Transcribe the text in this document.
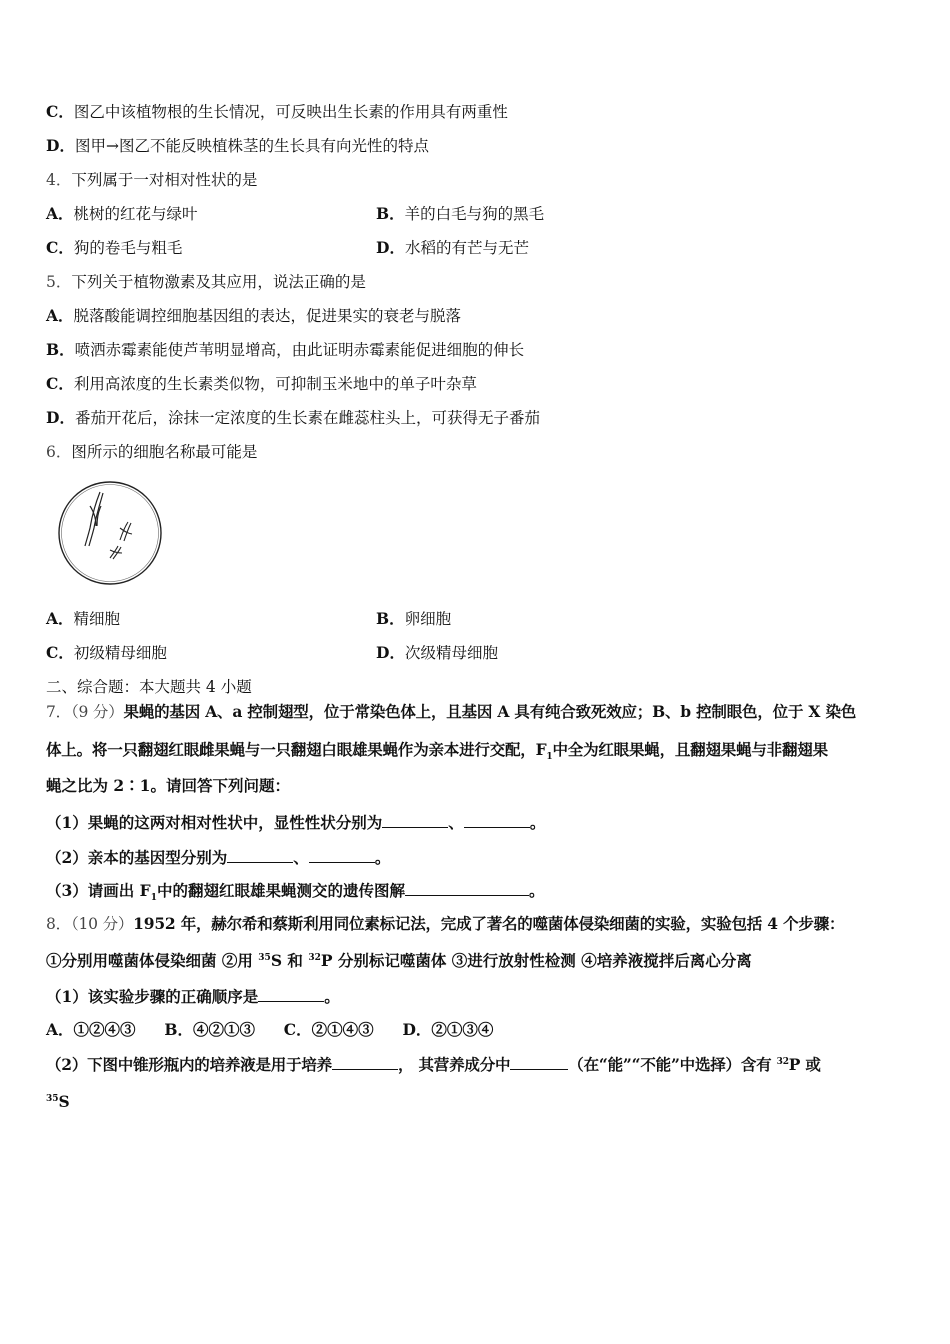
C．图乙中该植物根的生长情况，可反映出生长素的作用具有两重性
D．图甲→图乙不能反映植株茎的生长具有向光性的特点
4．下列属于一对相对性状的是
A．桃树的红花与绿叶	B．羊的白毛与狗的黑毛
C．狗的卷毛与粗毛	D．水稻的有芒与无芒
5．下列关于植物激素及其应用，说法正确的是
A．脱落酸能调控细胞基因组的表达，促进果实的衰老与脱落
B．喷洒赤霉素能使芦苇明显增高，由此证明赤霉素能促进细胞的伸长
C．利用高浓度的生长素类似物，可抑制玉米地中的单子叶杂草
D．番茄开花后，涂抹一定浓度的生长素在雌蕊柱头上，可获得无子番茄
6．图所示的细胞名称最可能是
A．精细胞	B．卵细胞
C．初级精母细胞	D．次级精母细胞
二、综合题：本大题共 4 小题
7．（9 分）果蝇的基因 A、a 控制翅型，位于常染色体上，且基因 A 具有纯合致死效应；B、b 控制眼色，位于 X 染色
体上。将一只翻翅红眼雌果蝇与一只翻翅白眼雄果蝇作为亲本进行交配，$F_1$中全为红眼果蝇，且翻翅果蝇与非翻翅果
蝇之比为 2∶1。请回答下列问题：
（1）果蝇的这两对相对性状中，显性性状分别为	、	。
（2）亲本的基因型分别为	、	。
（3）请画出 $F_1$中的翻翅红眼雄果蝇测交的遗传图解	。
8．（10 分）1952 年，赫尔希和蔡斯利用同位素标记法，完成了著名的噬菌体侵染细菌的实验，实验包括 4 个步骤：
①分别用噬菌体侵染细菌 ②用 $^{35}$S 和 $^{32}$P 分别标记噬菌体 ③进行放射性检测 ④培养液搅拌后离心分离
（1）该实验步骤的正确顺序是	。
A．①②④③ B．④②①③ C．②①④③ D．②①③④
（2）下图中锥形瓶内的培养液是用于培养	， 其营养成分中	（在“能”“不能”中选择）含有 $^{32}$P 或
$^{35}$S
